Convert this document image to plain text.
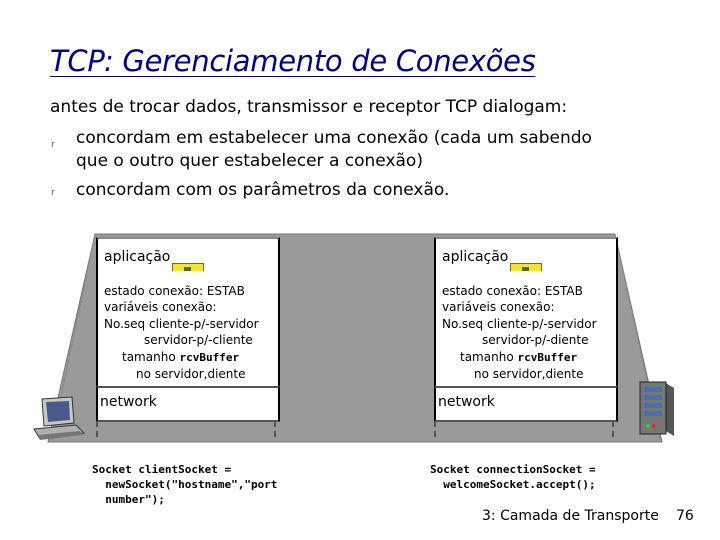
TCP: Gerenciamento de Conexões
antes de trocar dados, transmissor e receptor TCP dialogam:
r concordam em estabelecer uma conexão (cada um sabendo
que o outro quer estabelecer a conexão)
r concordam com os parâmetros da conexão.
aplicação
estado conexão: ESTAB
variáveis conexão:
No.seq cliente-p/-servidor
servidor-p/-cliente
tamanho rcvBuffer
no servidor,diente
network
aplicação
estado conexão: ESTAB
variáveis conexão:
No.seq cliente-p/-servidor
servidor-p/-diente
tamanho rcvBuffer
no servidor,diente
network
Socket clientSocket =
newSocket("hostname","port
number");
Socket connectionSocket =
welcomeSocket.accept();
3: Camada de Transporte 76
